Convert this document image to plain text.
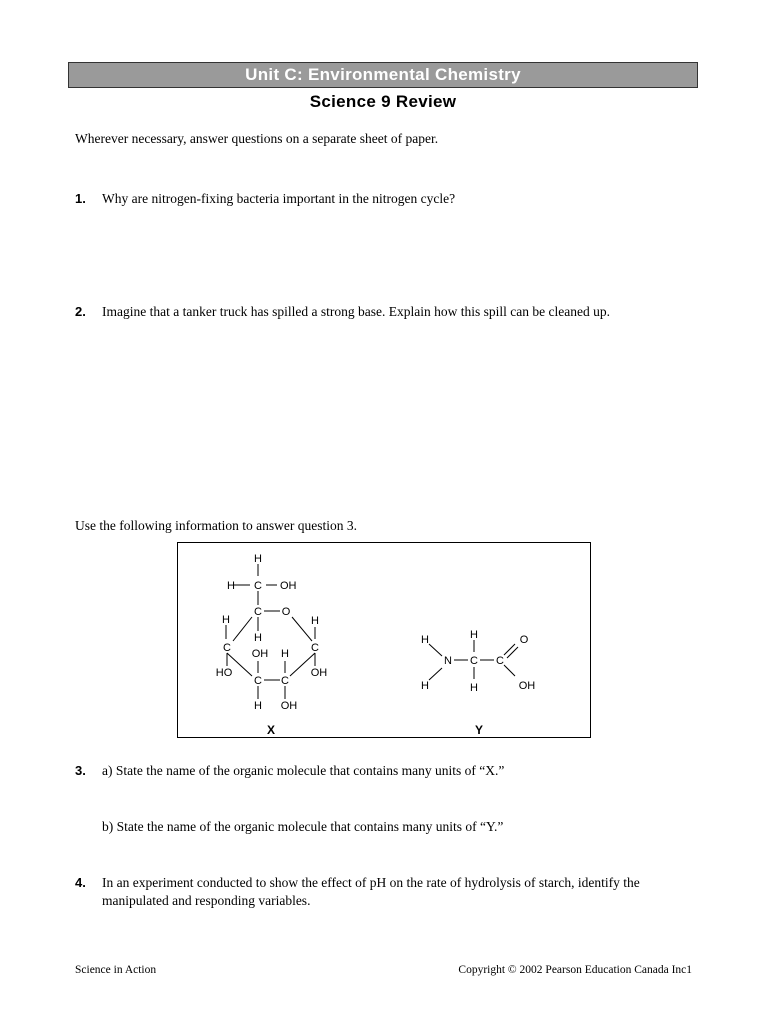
Unit C: Environmental Chemistry
Science 9 Review
Wherever necessary, answer questions on a separate sheet of paper.
1. Why are nitrogen-fixing bacteria important in the nitrogen cycle?
2. Imagine that a tanker truck has spilled a strong base. Explain how this spill can be cleaned up.
Use the following information to answer question 3.
H
H C OH
C O
H
H
H
C	C
OH H
HO
C C
OH
H OH
X
H
N
H
H
C
H
C
O
OH
Y
3. a) State the name of the organic molecule that contains many units of “X.”
b) State the name of the organic molecule that contains many units of “Y.”
4. In an experiment conducted to show the effect of pH on the rate of hydrolysis of starch, identify the manipulated and responding variables.
Science in Action	Copyright © 2002 Pearson Education Canada Inc1
